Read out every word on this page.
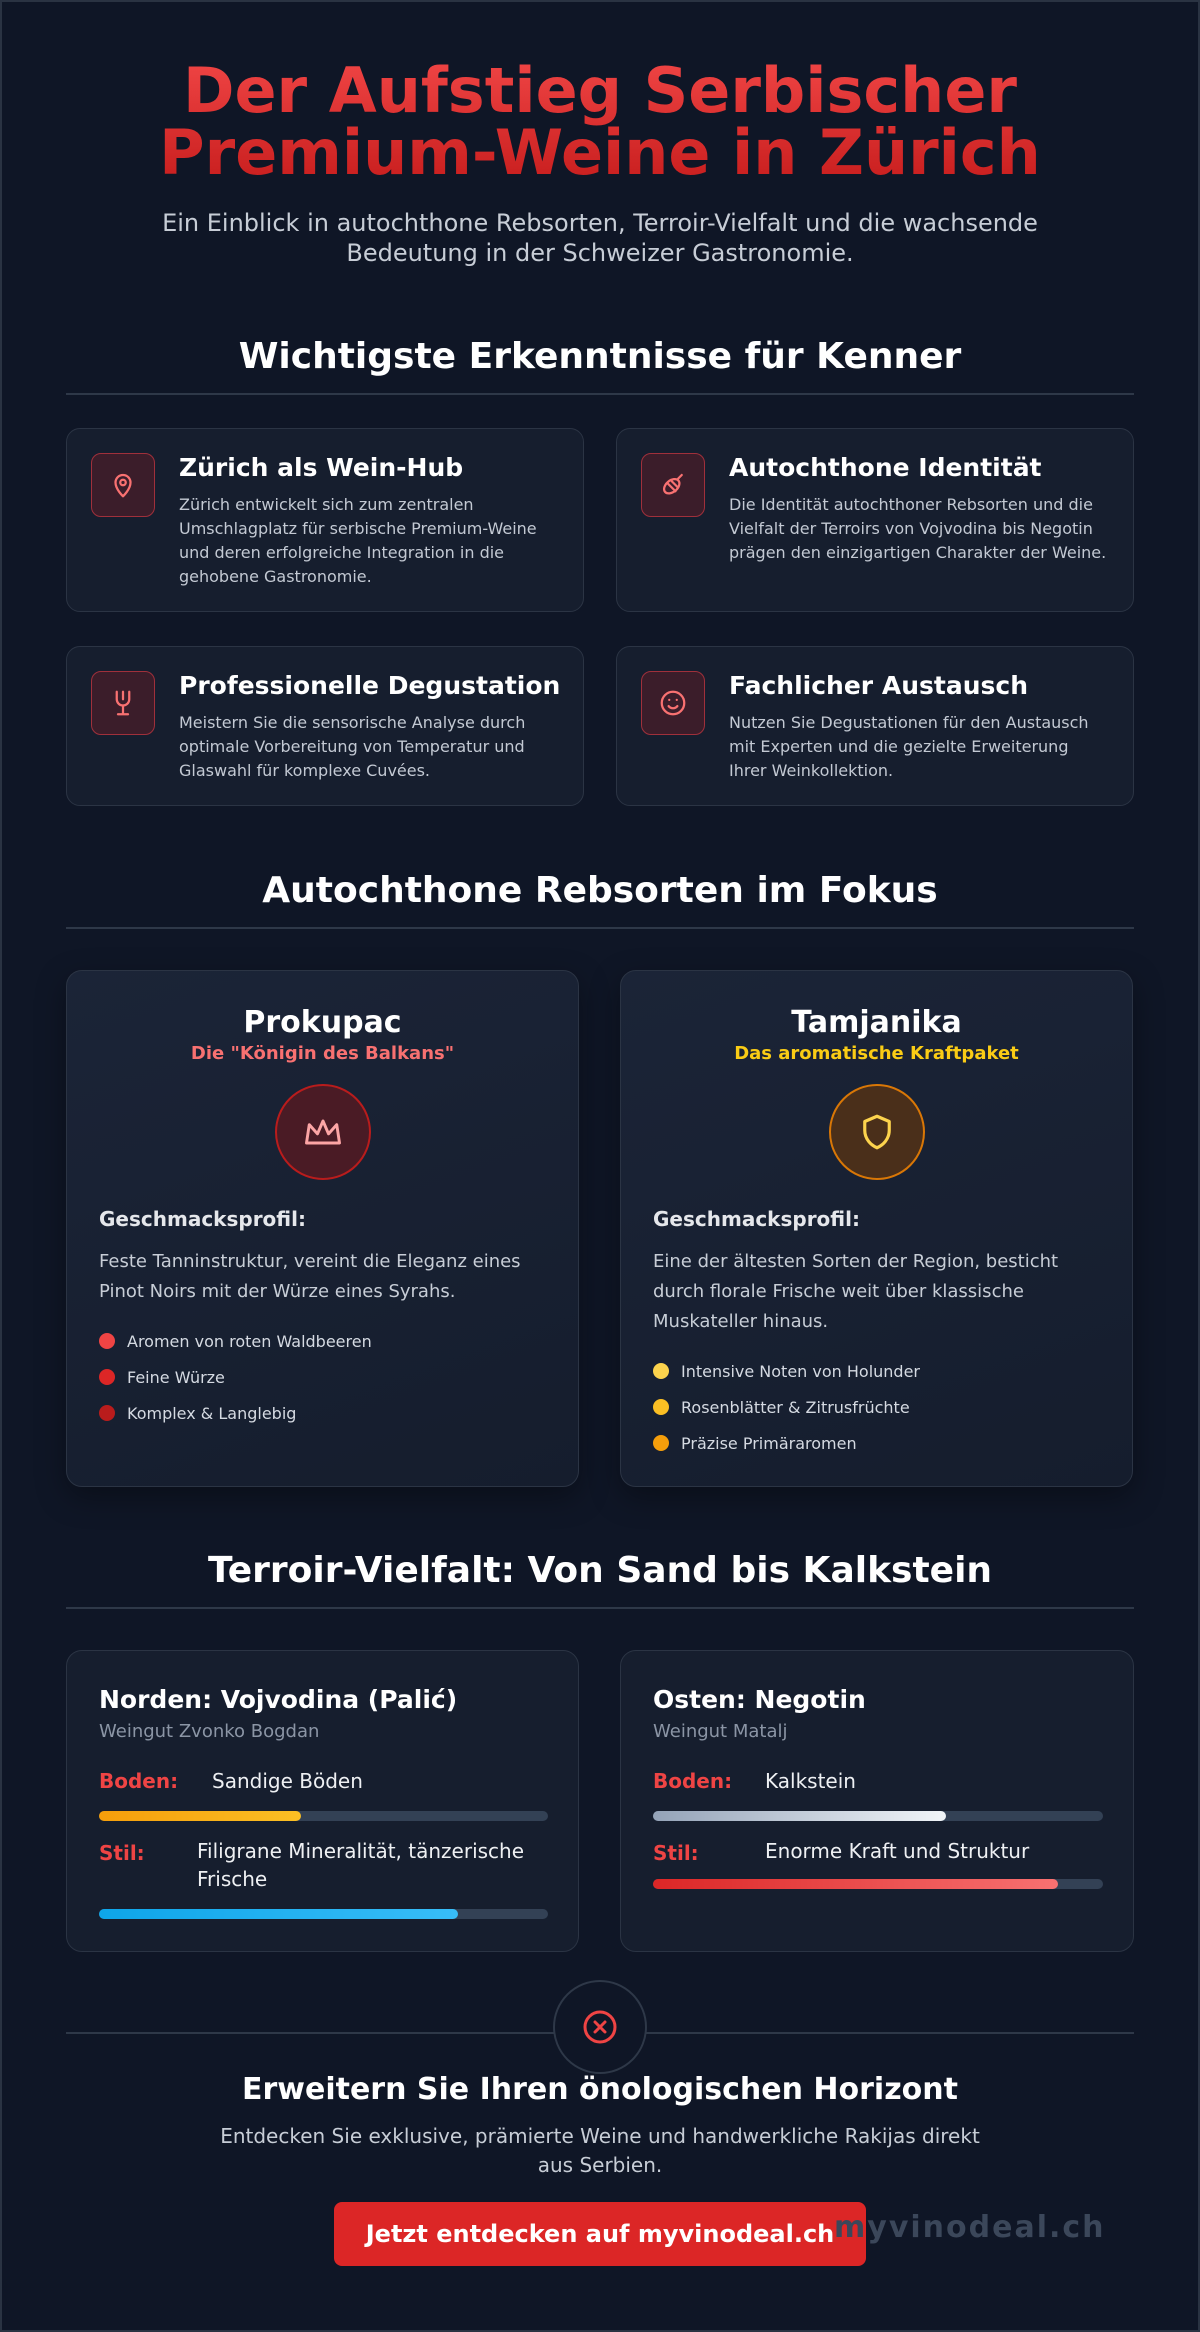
Der Aufstieg Serbischer
Premium-Weine in Zürich
Ein Einblick in autochthone Rebsorten, Terroir-Vielfalt und die wachsende Bedeutung in der Schweizer Gastronomie.
Wichtigste Erkenntnisse für Kenner
Zürich als Wein-Hub
Zürich entwickelt sich zum zentralen Umschlagplatz für serbische Premium-Weine und deren erfolgreiche Integration in die gehobene Gastronomie.
Autochthone Identität
Die Identität autochthoner Rebsorten und die Vielfalt der Terroirs von Vojvodina bis Negotin prägen den einzigartigen Charakter der Weine.
Professionelle Degustation
Meistern Sie die sensorische Analyse durch optimale Vorbereitung von Temperatur und Glaswahl für komplexe Cuvées.
Fachlicher Austausch
Nutzen Sie Degustationen für den Austausch mit Experten und die gezielte Erweiterung Ihrer Weinkollektion.
Autochthone Rebsorten im Fokus
Prokupac
Die "Königin des Balkans"
Geschmacksprofil:
Feste Tanninstruktur, vereint die Eleganz eines Pinot Noirs mit der Würze eines Syrahs.
Aromen von roten Waldbeeren
Feine Würze
Komplex & Langlebig
Tamjanika
Das aromatische Kraftpaket
Geschmacksprofil:
Eine der ältesten Sorten der Region, besticht durch florale Frische weit über klassische Muskateller hinaus.
Intensive Noten von Holunder
Rosenblätter & Zitrusfrüchte
Präzise Primäraromen
Terroir-Vielfalt: Von Sand bis Kalkstein
Norden: Vojvodina (Palić)
Weingut Zvonko Bogdan
Boden: Sandige Böden
Stil:	Filigrane Mineralität, tänzerische Frische
Osten: Negotin
Weingut Matalj
Boden: Kalkstein
Stil:	Enorme Kraft und Struktur
Erweitern Sie Ihren önologischen Horizont
Entdecken Sie exklusive, prämierte Weine und handwerkliche Rakijas direkt aus Serbien.
Jetzt entdecken auf myvinodeal.ch myvinodeal.ch
